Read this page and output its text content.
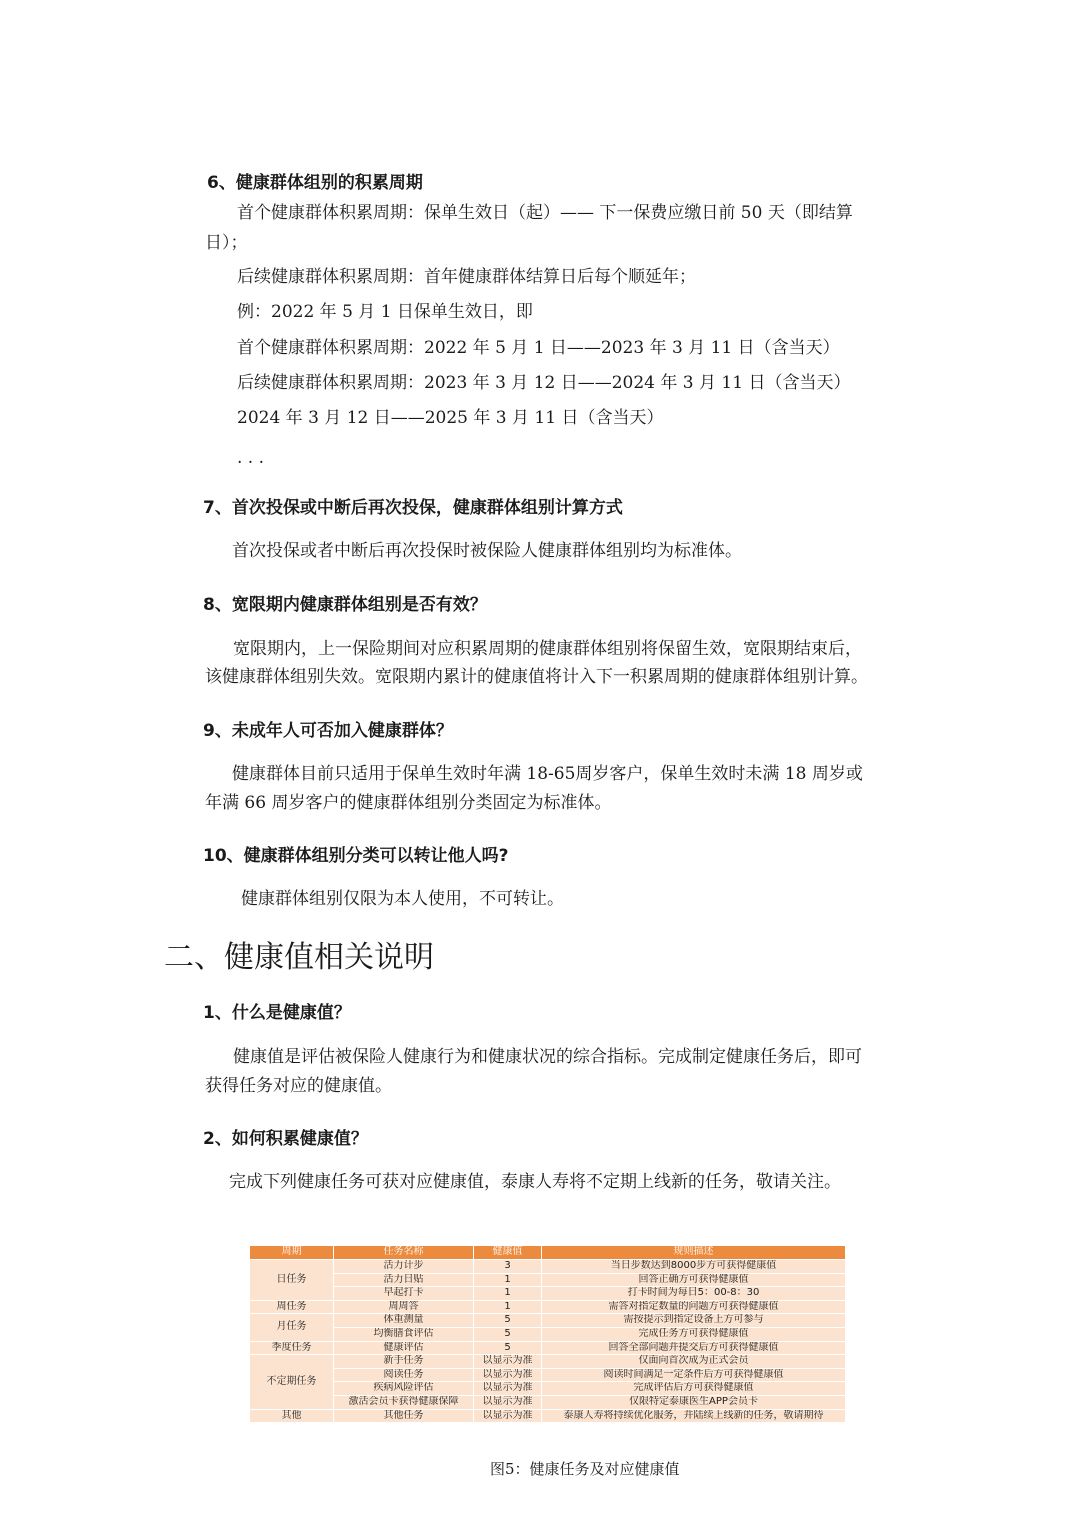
6、健康群体组别的积累周期
首个健康群体积累周期：保单生效日（起）—— 下一保费应缴日前 50 天（即结算
日）；
后续健康群体积累周期：首年健康群体结算日后每个顺延年；
例：2022 年 5 月 1 日保单生效日，即
首个健康群体积累周期：2022 年 5 月 1 日——2023 年 3 月 11 日（含当天）
后续健康群体积累周期：2023 年 3 月 12 日——2024 年 3 月 11 日（含当天）
2024 年 3 月 12 日——2025 年 3 月 11 日（含当天）
. . .
7、首次投保或中断后再次投保，健康群体组别计算方式
首次投保或者中断后再次投保时被保险人健康群体组别均为标准体。
8、宽限期内健康群体组别是否有效？
宽限期内，上一保险期间对应积累周期的健康群体组别将保留生效，宽限期结束后，
该健康群体组别失效。宽限期内累计的健康值将计入下一积累周期的健康群体组别计算。
9、未成年人可否加入健康群体？
健康群体目前只适用于保单生效时年满 18-65周岁客户，保单生效时未满 18 周岁或
年满 66 周岁客户的健康群体组别分类固定为标准体。
10、健康群体组别分类可以转让他人吗?
健康群体组别仅限为本人使用，不可转让。
二、健康值相关说明
1、什么是健康值？
健康值是评估被保险人健康行为和健康状况的综合指标。完成制定健康任务后，即可
获得任务对应的健康值。
2、如何积累健康值？
完成下列健康任务可获对应健康值，泰康人寿将不定期上线新的任务，敬请关注。
周期	任务名称	健康值	规则描述
日任务	活力计步	3	当日步数达到8000步方可获得健康值
	活力日贴	1	回答正确方可获得健康值
	早起打卡	1	打卡时间为每日5：00-8：30
周任务	周周答	1	需答对指定数量的问题方可获得健康值
月任务	体重测量	5	需按提示到指定设备上方可参与
	均衡膳食评估	5	完成任务方可获得健康值
季度任务	健康评估	5	回答全部问题并提交后方可获得健康值
不定期任务	新手任务	以显示为准	仅面向首次成为正式会员
	阅读任务	以显示为准	阅读时间满足一定条件后方可获得健康值
	疾病风险评估	以显示为准	完成评估后方可获得健康值
	激活会员卡获得健康保障	以显示为准	仅限特定泰康医生APP会员卡
其他	其他任务	以显示为准	泰康人寿将持续优化服务，并陆续上线新的任务，敬请期待
图5：健康任务及对应健康值
